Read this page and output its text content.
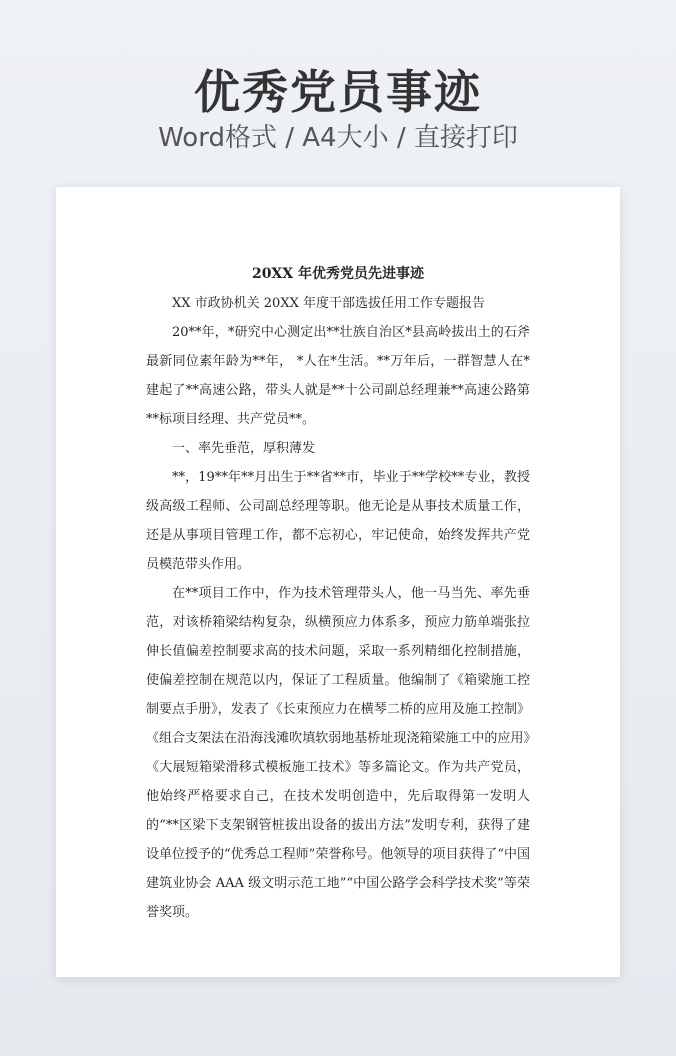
优秀党员事迹
Word格式 / A4大小 / 直接打印
20XX 年优秀党员先进事迹

XX 市政协机关 20XX 年度干部选拔任用工作专题报告

20**年，*研究中心测定出**壮族自治区*县高岭拔出土的石斧最新同位素年龄为**年， *人在*生活。**万年后，一群智慧人在*建起了**高速公路，带头人就是**十公司副总经理兼**高速公路第**标项目经理、共产党员**。

一、率先垂范，厚积薄发

**，19**年**月出生于**省**市，毕业于**学校**专业，教授级高级工程师、公司副总经理等职。他无论是从事技术质量工作，还是从事项目管理工作，都不忘初心，牢记使命，始终发挥共产党员模范带头作用。

在**项目工作中，作为技术管理带头人，他一马当先、率先垂范，对该桥箱梁结构复杂，纵横预应力体系多，预应力筋单端张拉伸长值偏差控制要求高的技术问题，采取一系列精细化控制措施，使偏差控制在规范以内，保证了工程质量。他编制了《箱梁施工控制要点手册》，发表了《长束预应力在横琴二桥的应用及施工控制》《组合支架法在沿海浅滩吹填软弱地基桥址现浇箱梁施工中的应用》《大展短箱梁滑移式模板施工技术》等多篇论文。作为共产党员，他始终严格要求自己，在技术发明创造中，先后取得第一发明人的“**区梁下支架钢管桩拔出设备的拔出方法”发明专利，获得了建设单位授予的“优秀总工程师”荣誉称号。他领导的项目获得了“中国建筑业协会 AAA 级文明示范工地”“中国公路学会科学技术奖”等荣誉奖项。
